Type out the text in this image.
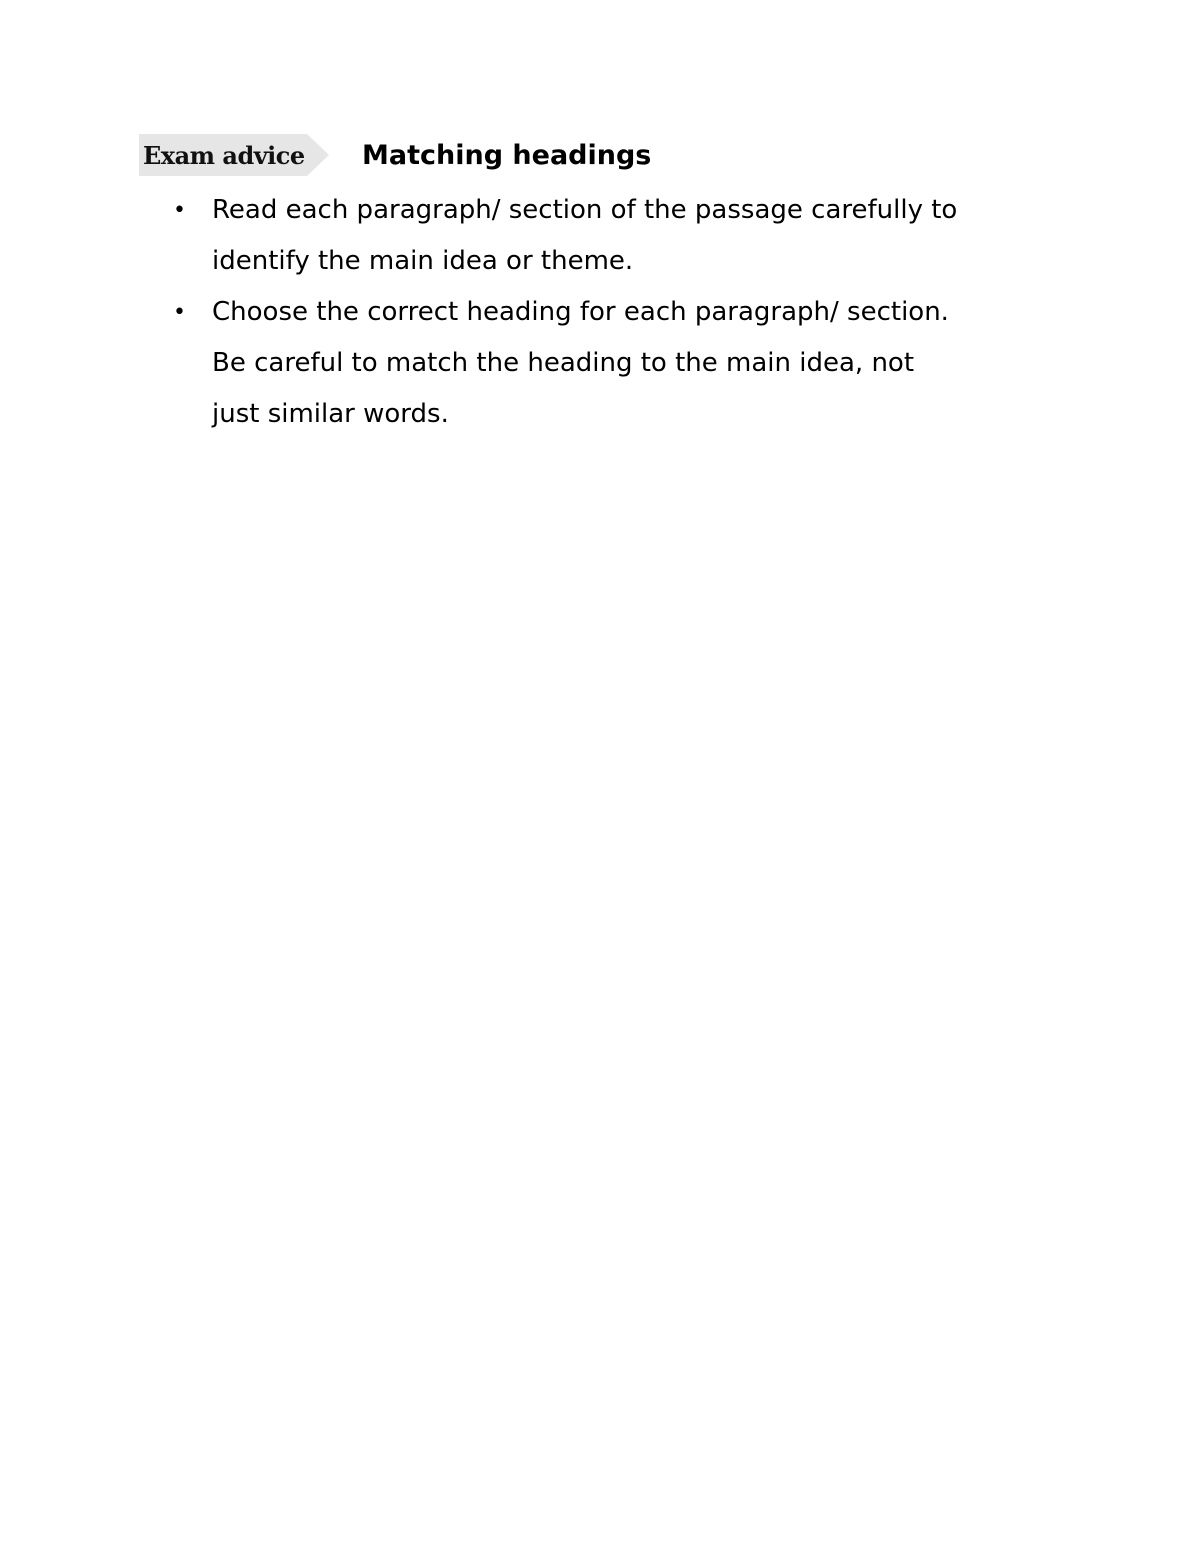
Exam advice Matching headings
• Read each paragraph/ section of the passage carefully to
identify the main idea or theme.
• Choose the correct heading for each paragraph/ section.
Be careful to match the heading to the main idea, not
just similar words.
